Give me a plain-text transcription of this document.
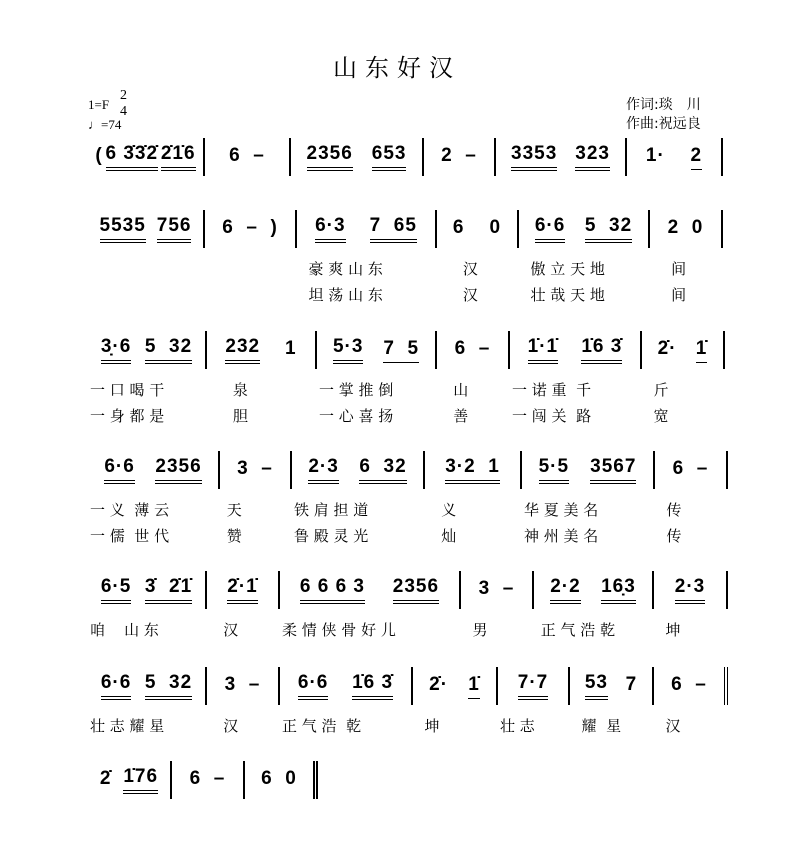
山东好汉
1=F
2
4
♩=74
作词:琰　川
作曲:祝远良
( 6 3̇3̇2̇ 2̇1̇6 6  – 2356 653 2  – 3353 323 1· 2
5535 756 6  –  ) 6·3 7  65
豪 爽 山 东
坦 荡 山 东
6    0
汉
汉
6·6 5  32
傲 立 天 地
壮 哉 天 地
2  0
间
间
3̣·6 5  32
一 口 喝 干
一 身 都 是
232 1
泉
胆
5·3 7  5
一 掌 推 倒
一 心 喜 扬
6  –
山
善
1̇·1̇ 1̇6 3̇
一 诺 重  千
一 闯 关  路
2̇· 1̇
斤
宽
6·6 2356
一 义  薄 云
一 儒  世 代
3  –
天
赞
2·3 6  32
铁 肩 担 道
鲁 殿 灵 光
3·2  1
义
灿
5·5 3567
华 夏 美 名
神 州 美 名
6  –
传
传
6·5 3̇  2̇1̇
咱    山 东
2̇·1̇
汉
6 6 6 3 2356
柔 情 侠 骨 好 儿
3  –
男
2·2 16̣3
正 气 浩 乾
2·3
坤
6·6 5  32
壮 志 耀 星
3  –
汉
6·6 1̇6 3̇
正 气 浩  乾
2̇· 1̇
坤
7·7
壮 志
53 7
耀  星
6  –
汉
2̇ 1̇76 6  – 6  0
